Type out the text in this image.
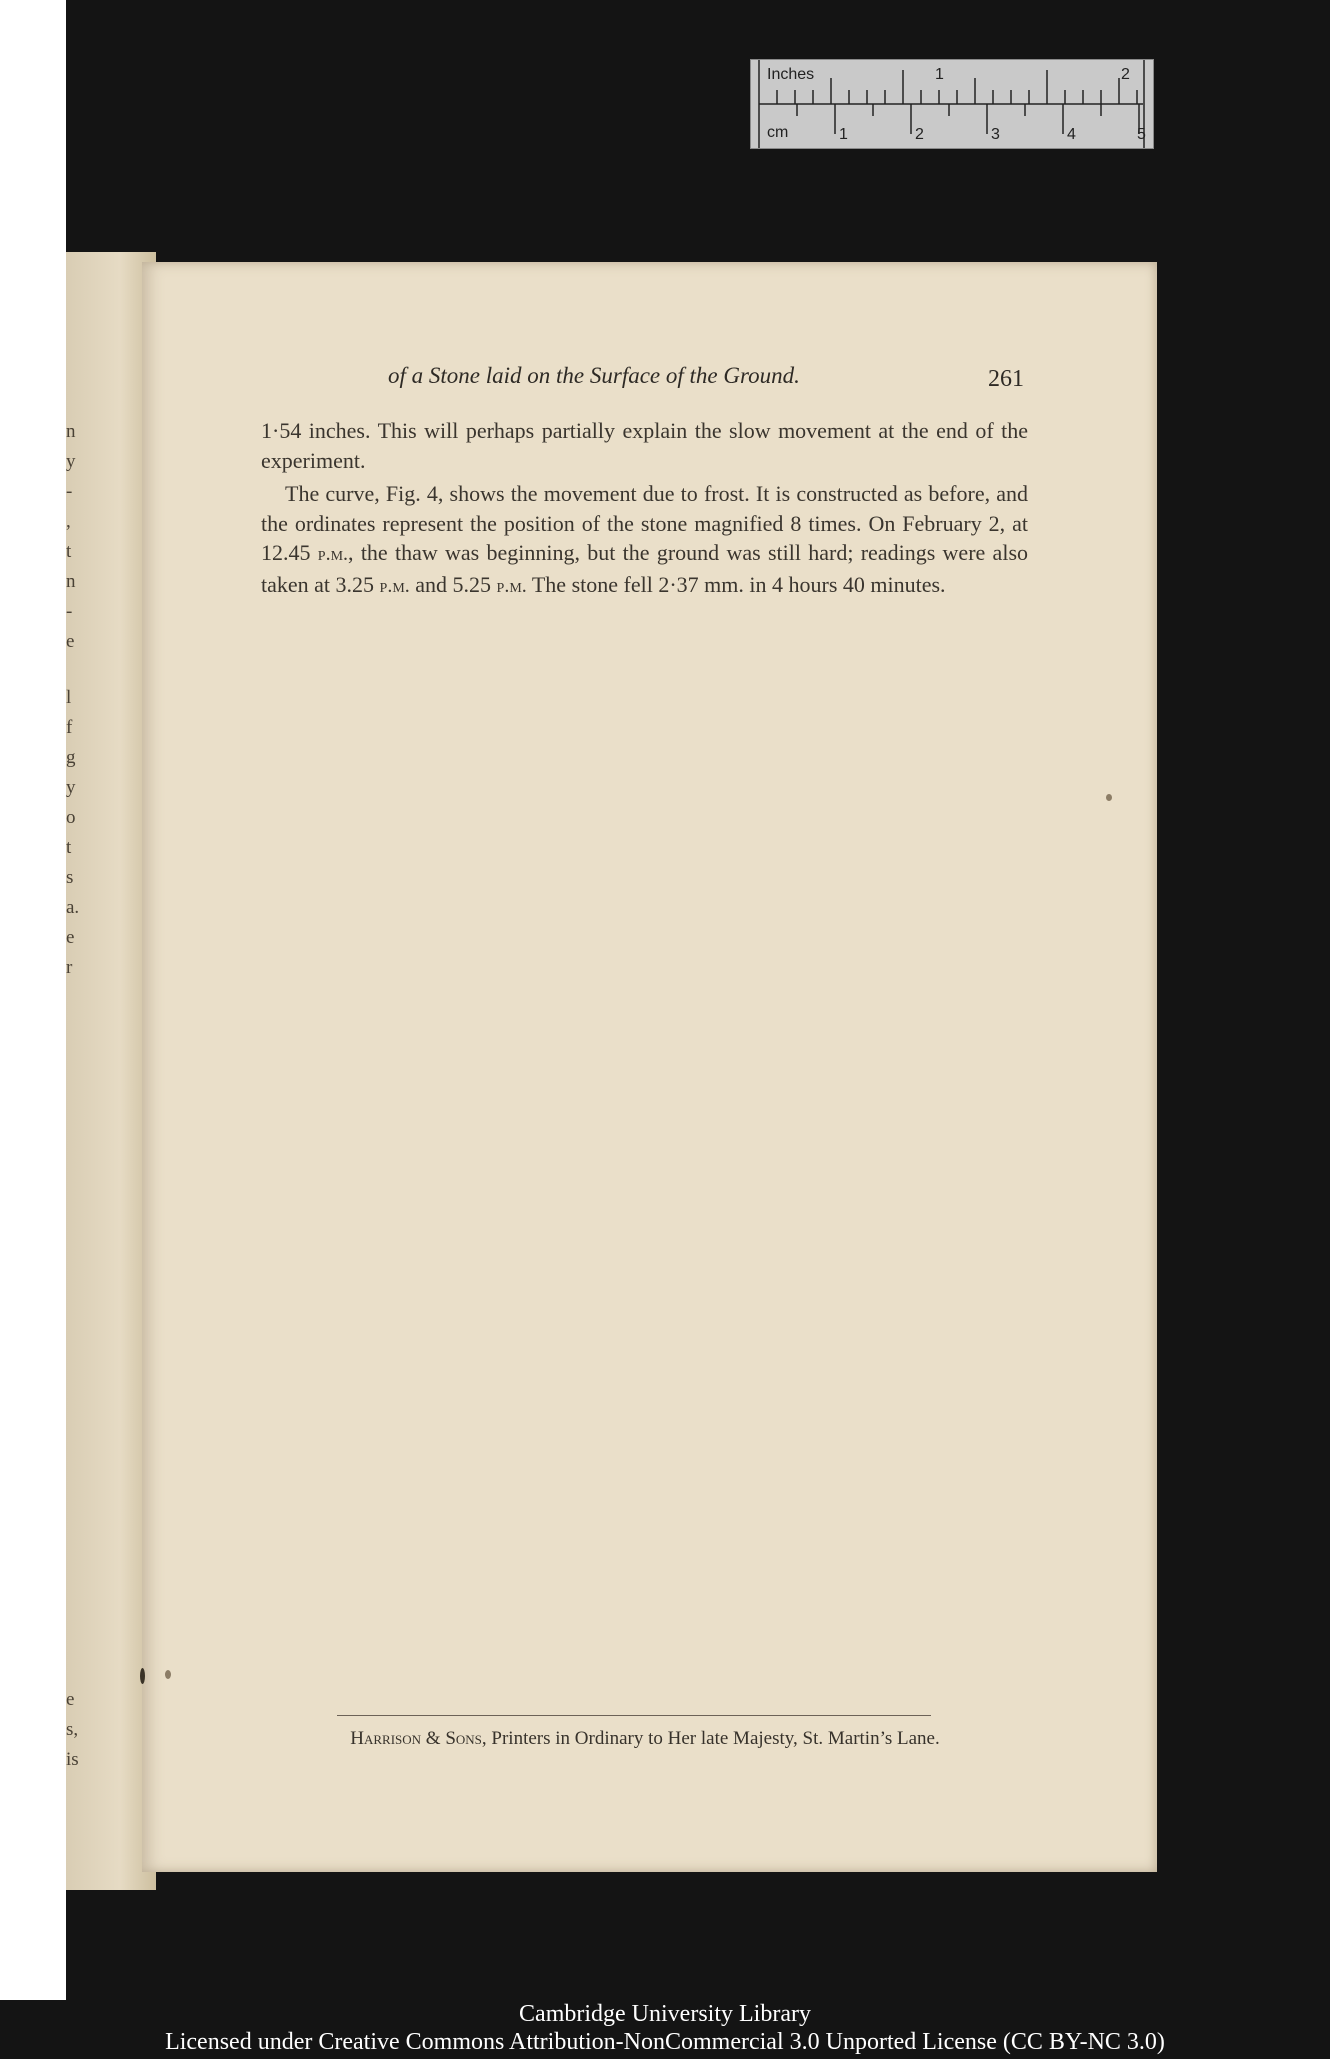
n
y
-
,
t
n
-
e
l
f
g
y
o
t
s
a.
e
r
e
s,
is
Inches
cm
1	2
1	2	3	4	5
of a Stone laid on the Surface of the Ground.	261

1·54 inches. This will perhaps partially explain the slow movement at the end of the experiment.

The curve, Fig. 4, shows the movement due to frost. It is constructed as before, and the ordinates represent the position of the stone magnified 8 times. On February 2, at 12.45 p.m., the thaw was beginning, but the ground was still hard; readings were also taken at 3.25 p.m. and 5.25 p.m. The stone fell 2·37 mm. in 4 hours 40 minutes.

Harrison & Sons, Printers in Ordinary to Her late Majesty, St. Martin’s Lane.
Cambridge University Library
Licensed under Creative Commons Attribution-NonCommercial 3.0 Unported License (CC BY-NC 3.0)
